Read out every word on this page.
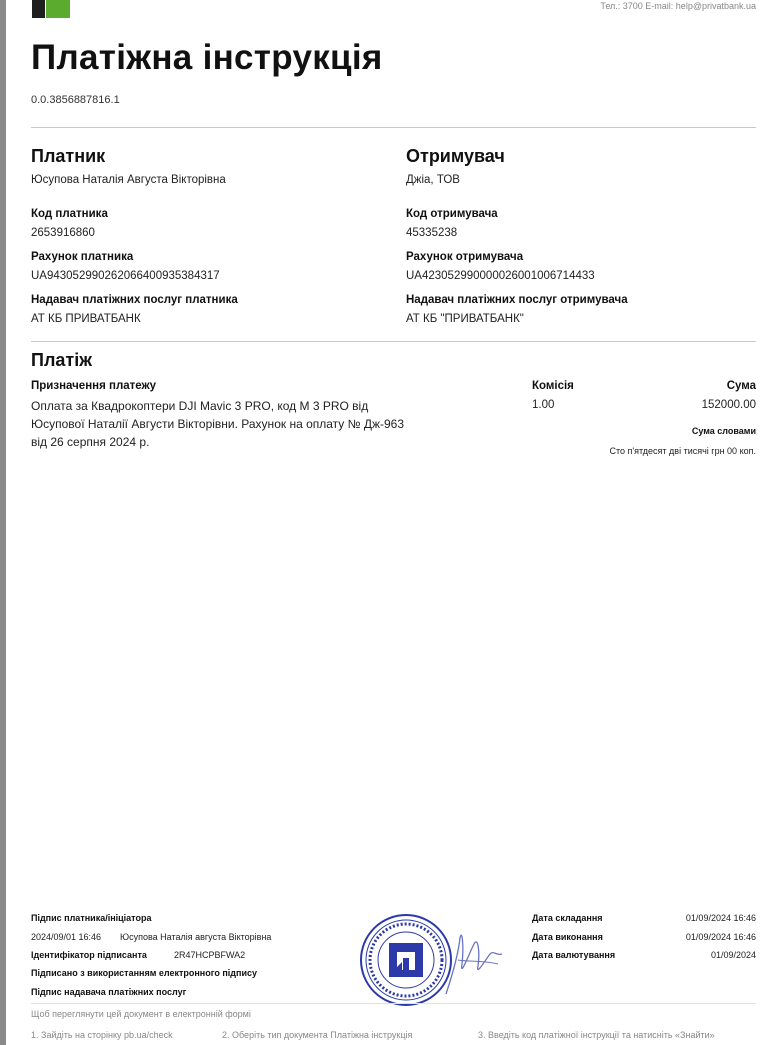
Тел.: 3700 E-mail: help@privatbank.ua
Платіжна інструкція
0.0.3856887816.1
Платник
Юсупова Наталія Августа Вікторівна
Код платника
2653916860
Рахунок платника
UA943052990262066400935384317
Надавач платіжних послуг платника
АТ КБ ПРИВАТБАНК
Отримувач
Джіа, ТОВ
Код отримувача
45335238
Рахунок отримувача
UA423052990000026001006714433
Надавач платіжних послуг отримувача
АТ КБ "ПРИВАТБАНК"
Платіж
Призначення платежу
Оплата за Квадрокоптери DJI Mavic 3 PRO, код M 3 PRO від Юсупової Наталії Августи Вікторівни. Рахунок на оплату № Дж-963 від 26 серпня 2024 р.
Комісія
1.00
Сума
152000.00
Сума словами
Сто п'ятдесят дві тисячі грн 00 коп.
Підпис платника/ініціатора
2024/09/01 16:46 Юсупова Наталія августа Вікторівна
Ідентифікатор підписанта	2R47HCPBFWA2
Підписано з використанням електронного підпису
Підпис надавача платіжних послуг
Дата складання	01/09/2024 16:46
Дата виконання	01/09/2024 16:46
Дата валютування	01/09/2024
Щоб переглянути цей документ в електронній формі
1. Зайдіть на сторінку pb.ua/check	2. Оберіть тип документа Платіжна інструкція	3. Введіть код платіжної інструкції та натисніть «Знайти»
